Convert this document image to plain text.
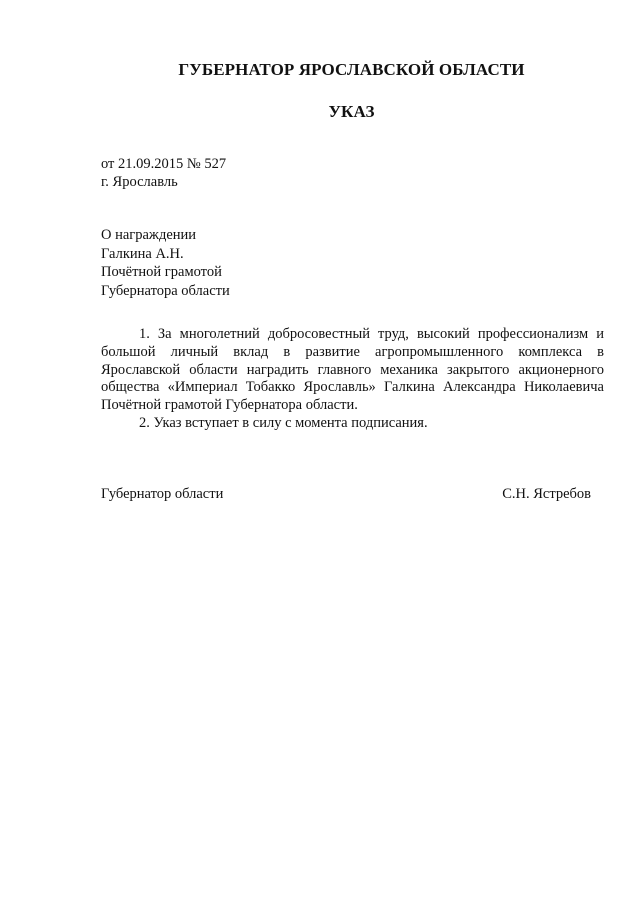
ГУБЕРНАТОР ЯРОСЛАВСКОЙ ОБЛАСТИ
УКАЗ
от 21.09.2015 № 527
г. Ярославль
О награждении
Галкина А.Н.
Почётной грамотой
Губернатора области

1. За многолетний добросовестный труд, высокий профессионализм и большой личный вклад в развитие агропромышленного комплекса в Ярославской области наградить главного механика закрытого акционерного общества «Империал Тобакко Ярославль» Галкина Александра Николаевича Почётной грамотой Губернатора области.

2. Указ вступает в силу с момента подписания.

Губернатор области	С.Н. Ястребов
